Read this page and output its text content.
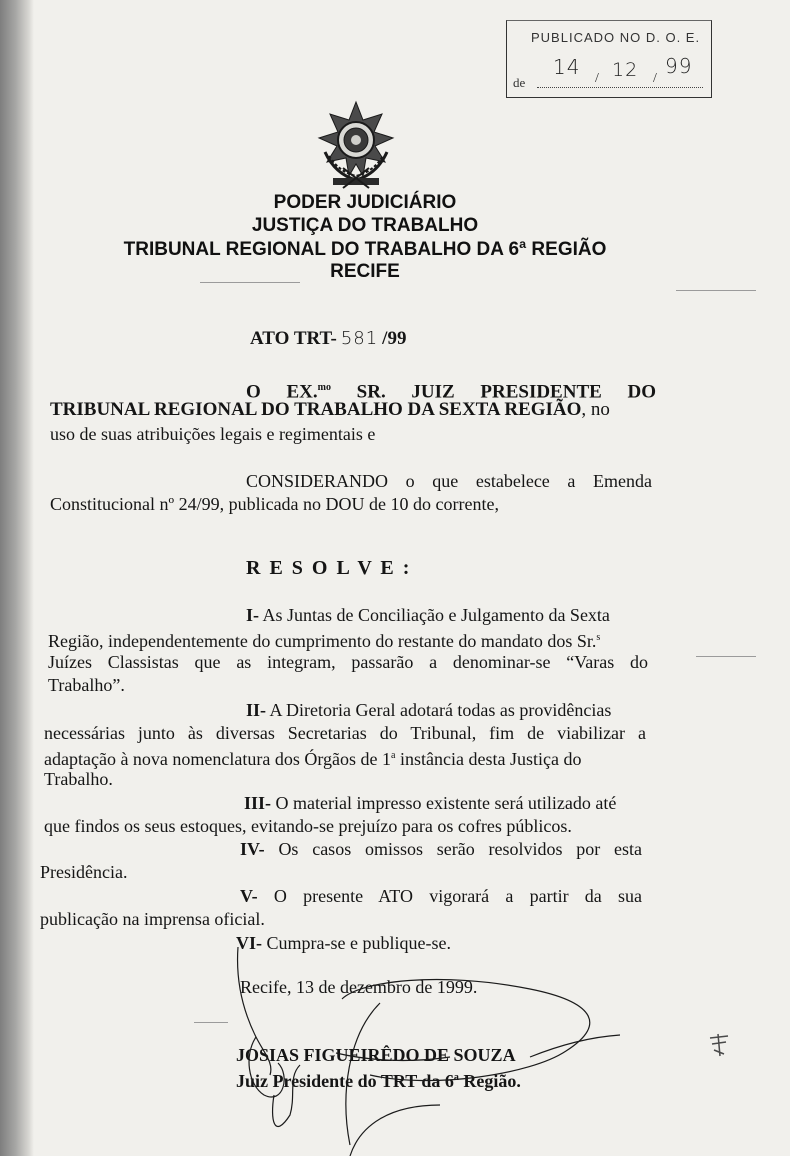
PUBLICADO NO D. O. E.
de
14 / 12 /
99
PODER JUDICIÁRIO
JUSTIÇA DO TRABALHO
TRIBUNAL REGIONAL DO TRABALHO DA 6ª REGIÃO
RECIFE
ATO TRT- 581 /99
O EX.$^{mo}$ SR. JUIZ PRESIDENTE DO
TRIBUNAL REGIONAL DO TRABALHO DA SEXTA REGIÃO, no
uso de suas atribuições legais e regimentais e
CONSIDERANDO o que estabelece a Emenda
Constitucional nº 24/99, publicada no DOU de 10 do corrente,
R E S O L V E :
I- As Juntas de Conciliação e Julgamento da Sexta
Região, independentemente do cumprimento do restante do mandato dos Sr.$^s$
Juízes Classistas que as integram, passarão a denominar-se “Varas do
Trabalho”.
II- A Diretoria Geral adotará todas as providências
necessárias junto às diversas Secretarias do Tribunal, fim de viabilizar a
adaptação à nova nomenclatura dos Órgãos de 1$^a$ instância desta Justiça do
Trabalho.
III- O material impresso existente será utilizado até
que findos os seus estoques, evitando-se prejuízo para os cofres públicos.
IV- Os casos omissos serão resolvidos por esta
Presidência.
V- O presente ATO vigorará a partir da sua
publicação na imprensa oficial.
VI- Cumpra-se e publique-se.
Recife, 13 de dezembro de 1999.
JOSIAS FIGUEIRÊDO DE SOUZA
Juiz Presidente do TRT da 6$^a$ Região.
